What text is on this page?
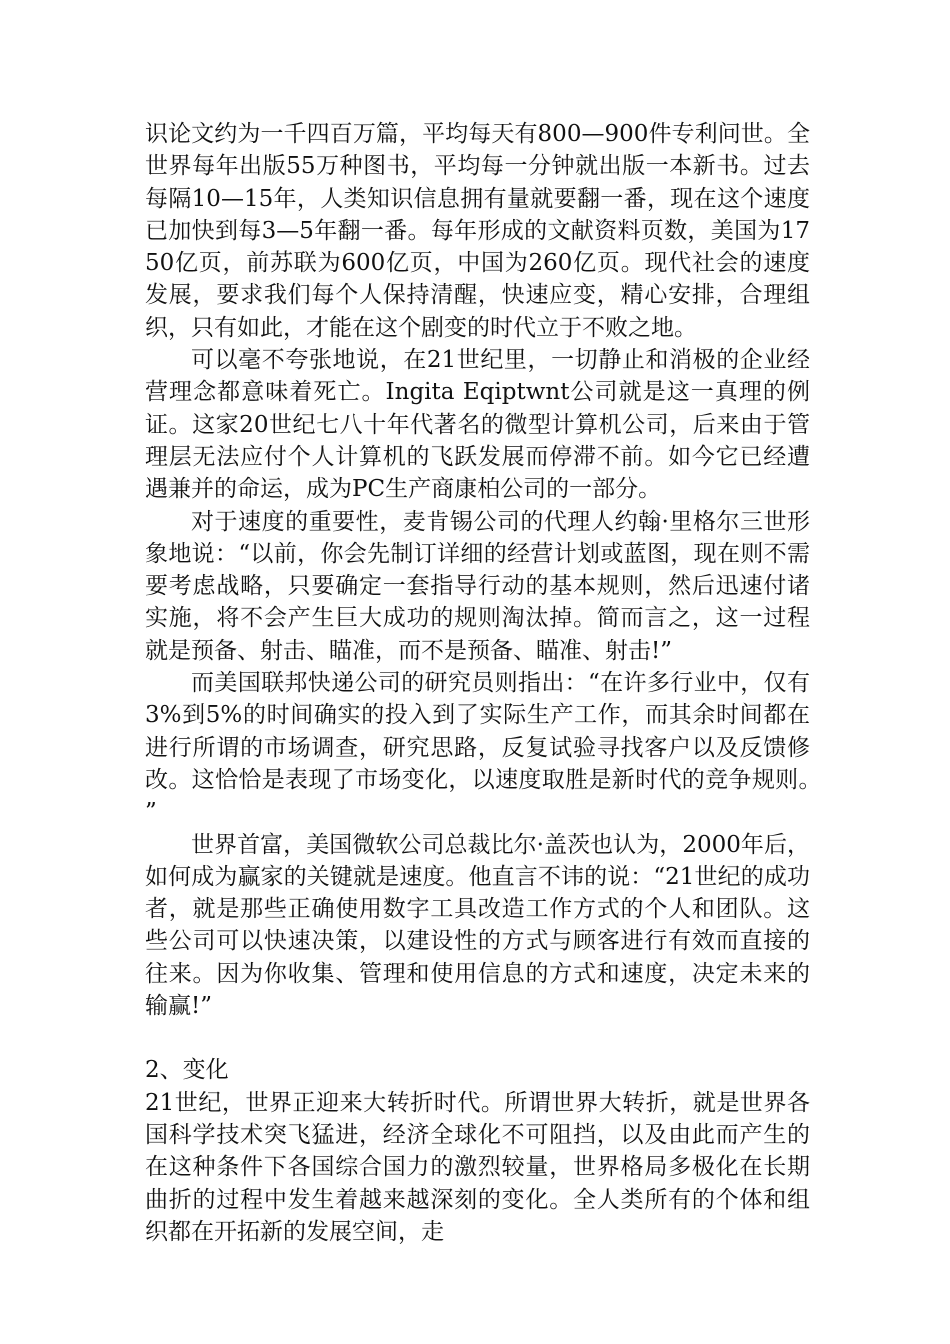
识论文约为一千四百万篇，平均每天有800—900件专利问世。全世界每年出版55万种图书，平均每一分钟就出版一本新书。过去每隔10—15年，人类知识信息拥有量就要翻一番，现在这个速度已加快到每3—5年翻一番。每年形成的文献资料页数，美国为1750亿页，前苏联为600亿页，中国为260亿页。现代社会的速度发展，要求我们每个人保持清醒，快速应变，精心安排，合理组织，只有如此，才能在这个剧变的时代立于不败之地。

可以毫不夸张地说，在21世纪里，一切静止和消极的企业经营理念都意味着死亡。Ingita Eqiptwnt公司就是这一真理的例证。这家20世纪七八十年代著名的微型计算机公司，后来由于管理层无法应付个人计算机的飞跃发展而停滞不前。如今它已经遭遇兼并的命运，成为PC生产商康柏公司的一部分。

对于速度的重要性，麦肯锡公司的代理人约翰·里格尔三世形象地说：“以前，你会先制订详细的经营计划或蓝图，现在则不需要考虑战略，只要确定一套指导行动的基本规则，然后迅速付诸实施，将不会产生巨大成功的规则淘汰掉。简而言之，这一过程就是预备、射击、瞄准，而不是预备、瞄准、射击!”

而美国联邦快递公司的研究员则指出：“在许多行业中，仅有3%到5%的时间确实的投入到了实际生产工作，而其余时间都在进行所谓的市场调查，研究思路，反复试验寻找客户以及反馈修改。这恰恰是表现了市场变化，以速度取胜是新时代的竞争规则。”

世界首富，美国微软公司总裁比尔·盖茨也认为，2000年后，如何成为赢家的关键就是速度。他直言不讳的说：“21世纪的成功者，就是那些正确使用数字工具改造工作方式的个人和团队。这些公司可以快速决策，以建设性的方式与顾客进行有效而直接的往来。因为你收集、管理和使用信息的方式和速度，决定未来的输赢!”

2、变化

21世纪，世界正迎来大转折时代。所谓世界大转折，就是世界各国科学技术突飞猛进，经济全球化不可阻挡，以及由此而产生的在这种条件下各国综合国力的激烈较量，世界格局多极化在长期曲折的过程中发生着越来越深刻的变化。全人类所有的个体和组织都在开拓新的发展空间，走
